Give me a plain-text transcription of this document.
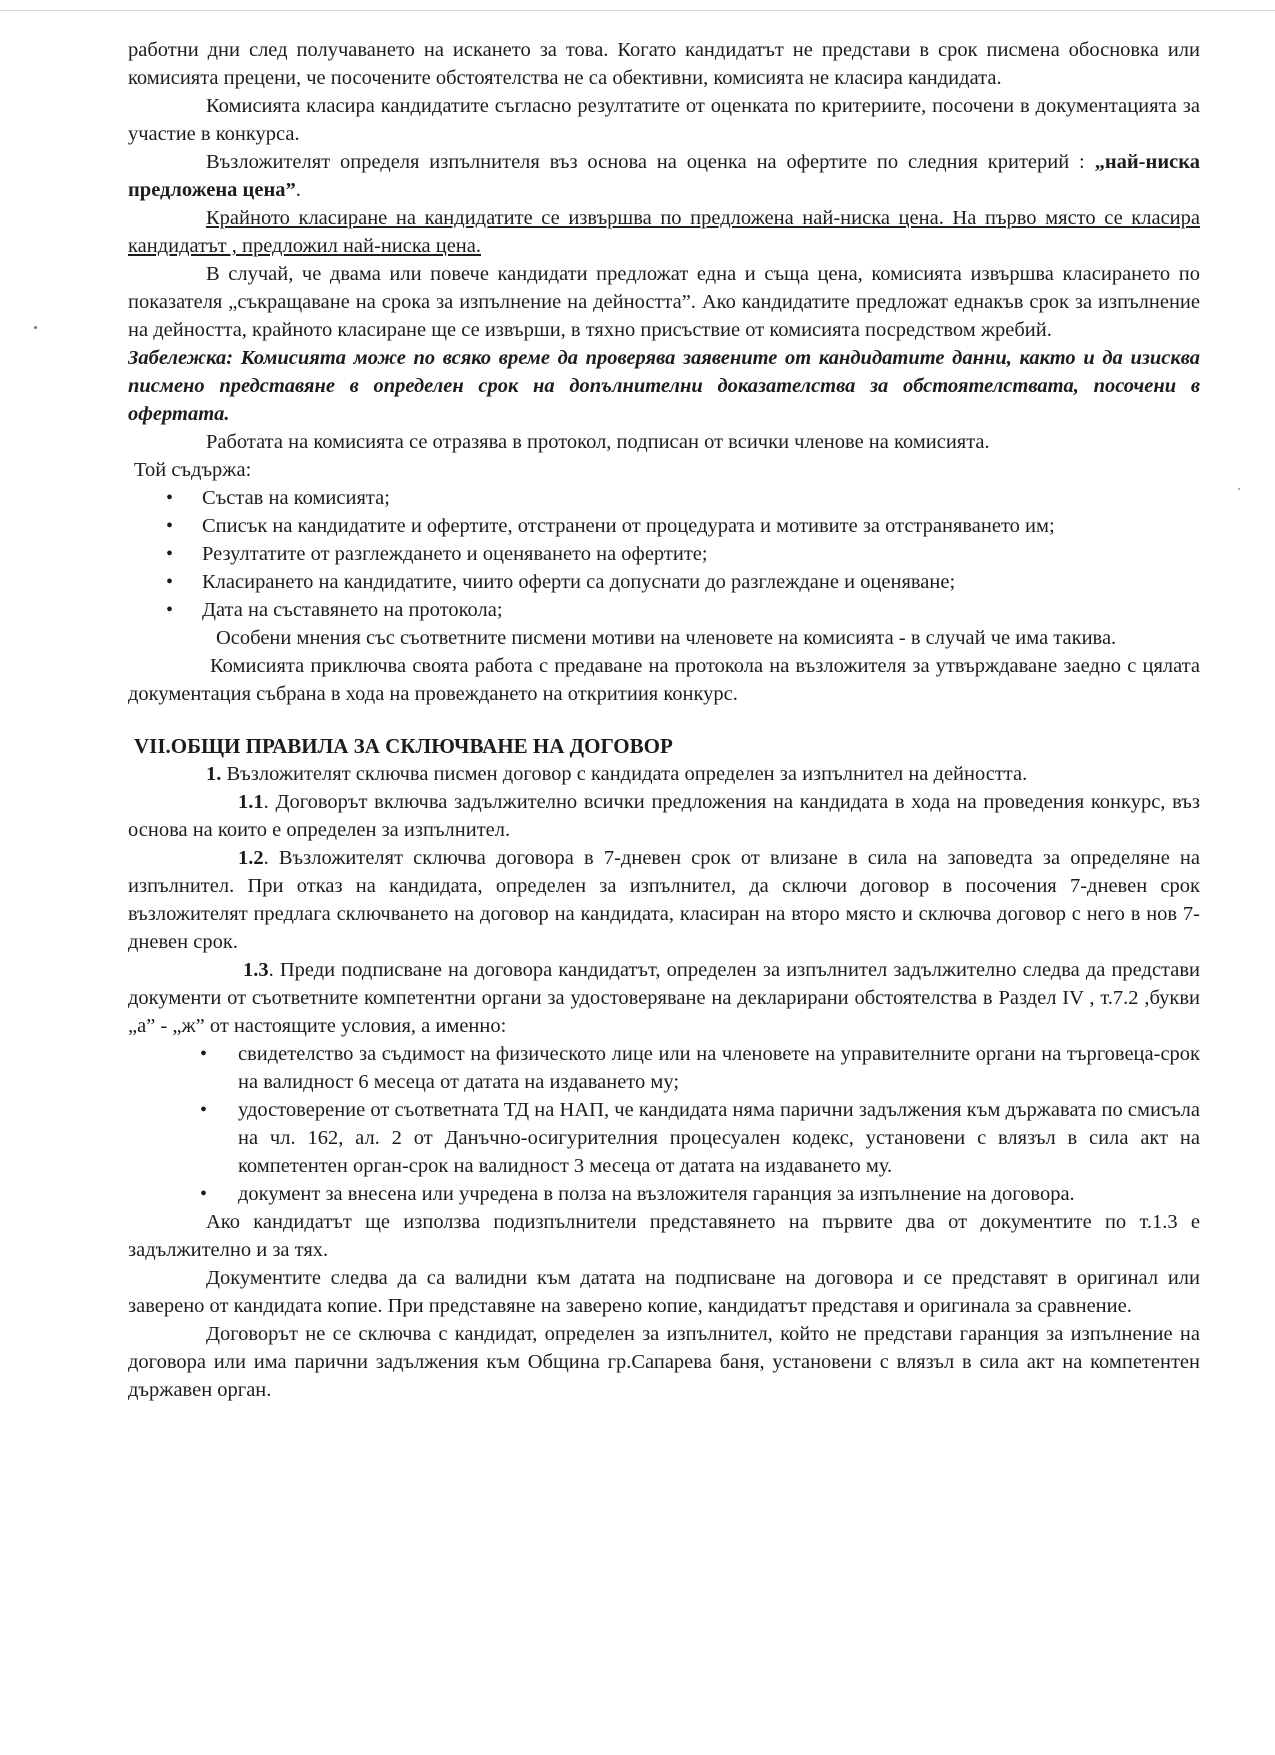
работни дни след получаването на искането за това. Когато кандидатът не представи в срок писмена обосновка или комисията прецени, че посочените обстоятелства не са обективни, комисията не класира кандидата.

Комисията класира кандидатите съгласно резултатите от оценката по критериите, посочени в документацията за участие в конкурса.

Възложителят определя изпълнителя въз основа на оценка на офертите по следния критерий : „най-ниска предложена цена”.

Крайното класиране на кандидатите се извършва по предложена най-ниска цена. На първо място се класира кандидатът , предложил най-ниска цена.

В случай, че двама или повече кандидати предложат една и съща цена, комисията извършва класирането по показателя „съкращаване на срока за изпълнение на дейността”. Ако кандидатите предложат еднакъв срок за изпълнение на дейността, крайното класиране ще се извърши, в тяхно присъствие от комисията посредством жребий.

Забележка: Комисията може по всяко време да проверява заявените от кандидатите данни, както и да изисква писмено представяне в определен срок на допълнителни доказателства за обстоятелствата, посочени в офертата.

Работата на комисията се отразява в протокол, подписан от всички членове на комисията.

Той съдържа:

• Състав на комисията;
• Списък на кандидатите и офертите, отстранени от процедурата и мотивите за отстраняването им;
• Резултатите от разглеждането и оценяването на офертите;
• Класирането на кандидатите, чиито оферти са допуснати до разглеждане и оценяване;
• Дата на съставянето на протокола;

Особени мнения със съответните писмени мотиви на членовете на комисията - в случай че има такива.

Комисията приключва своята работа с предаване на протокола на възложителя за утвърждаване заедно с цялата документация събрана в хода на провеждането на откритиия конкурс.

VII.ОБЩИ ПРАВИЛА ЗА СКЛЮЧВАНЕ НА ДОГОВОР

1. Възложителят сключва писмен договор с кандидата определен за изпълнител на дейността.

1.1. Договорът включва задължително всички предложения на кандидата в хода на проведения конкурс, въз основа на които е определен за изпълнител.

1.2. Възложителят сключва договора в 7-дневен срок от влизане в сила на заповедта за определяне на изпълнител. При отказ на кандидата, определен за изпълнител, да сключи договор в посочения 7-дневен срок възложителят предлага сключването на договор на кандидата, класиран на второ място и сключва договор с него в нов 7-дневен срок.

1.3. Преди подписване на договора кандидатът, определен за изпълнител задължително следва да представи документи от съответните компетентни органи за удостоверяване на декларирани обстоятелства в Раздел IV , т.7.2 ,букви „а” - „ж” от настоящите условия, а именно:

• свидетелство за съдимост на физическото лице или на членовете на управителните органи на търговеца-срок на валидност 6 месеца от датата на издаването му;
• удостоверение от съответната ТД на НАП, че кандидата няма парични задължения към държавата по смисъла на чл. 162, ал. 2 от Данъчно-осигурителния процесуален кодекс, установени с влязъл в сила акт на компетентен орган-срок на валидност 3 месеца от датата на издаването му.
• документ за внесена или учредена в полза на възложителя гаранция за изпълнение на договора.

Ако кандидатът ще използва подизпълнители представянето на първите два от документите по т.1.3 е задължително и за тях.

Документите следва да са валидни към датата на подписване на договора и се представят в оригинал или заверено от кандидата копие. При представяне на заверено копие, кандидатът представя и оригинала за сравнение.

Договорът не се сключва с кандидат, определен за изпълнител, който не представи гаранция за изпълнение на договора или има парични задължения към Община гр.Сапарева баня, установени с влязъл в сила акт на компетентен държавен орган.
